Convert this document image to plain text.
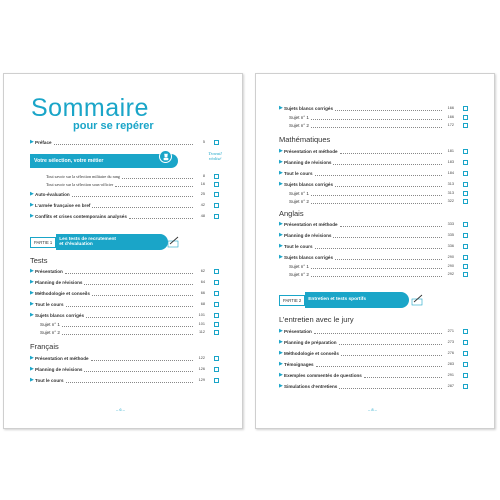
Sommaire
pour se repérer
▶ Préface	5
Votre sélection, votre métier
Travail réalisé
Tout savoir sur la sélection militaire du rang	8
Tout savoir sur la sélection sous-officier	16
▶ Auto-évaluation	25
▶ L’armée française en bref	42
▶ Conflits et crises contemporains analysés	48
PARTIE 1
Les tests de recrutement
et d’évaluation
Tests
▶ Présentation	62
▶ Planning de révisions	64
▶ Méthodologie et conseils	66
▶ Tout le cours	68
▶ Sujets blancs corrigés	101
Sujet n° 1	101
Sujet n° 2	112
Français
▶ Présentation et méthode	122
▶ Planning de révisions	126
▶ Tout le cours	129
– 6 –
▶ Sujets blancs corrigés	166
Sujet n° 1	166
Sujet n° 2	172
Mathématiques
▶ Présentation et méthode	181
▶ Planning de révisions	183
▶ Tout le cours	184
▶ Sujets blancs corrigés	313
Sujet n° 1	313
Sujet n° 2	322
Anglais
▶ Présentation et méthode	333
▶ Planning de révisions	335
▶ Tout le cours	336
▶ Sujets blancs corrigés	290
Sujet n° 1	290
Sujet n° 2	292
PARTIE 2	Entretien et tests sportifs
L’entretien avec le jury
▶ Présentation	271
▶ Planning de préparation	273
▶ Méthodologie et conseils	276
▶ Témoignages	283
▶ Exemples commentés de questions	291
▶ Simulations d’entretiens	287
– 8 –
